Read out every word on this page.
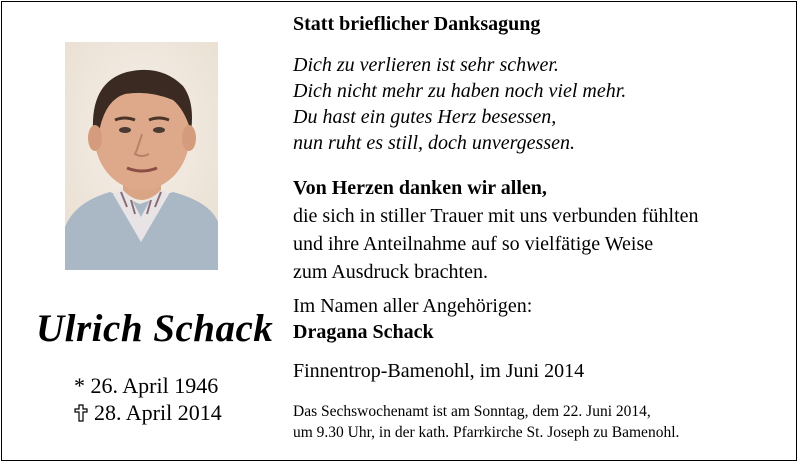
Ulrich Schack
* 26. April 1946
28. April 2014
Statt brieflicher Danksagung
Dich zu verlieren ist sehr schwer.
Dich nicht mehr zu haben noch viel mehr.
Du hast ein gutes Herz besessen,
nun ruht es still, doch unvergessen.
Von Herzen danken wir allen,
die sich in stiller Trauer mit uns verbunden fühlten
und ihre Anteilnahme auf so vielfätige Weise
zum Ausdruck brachten.
Im Namen aller Angehörigen:
Dragana Schack
Finnentrop-Bamenohl, im Juni 2014
Das Sechswochenamt ist am Sonntag, dem 22. Juni 2014,
um 9.30 Uhr, in der kath. Pfarrkirche St. Joseph zu Bamenohl.
